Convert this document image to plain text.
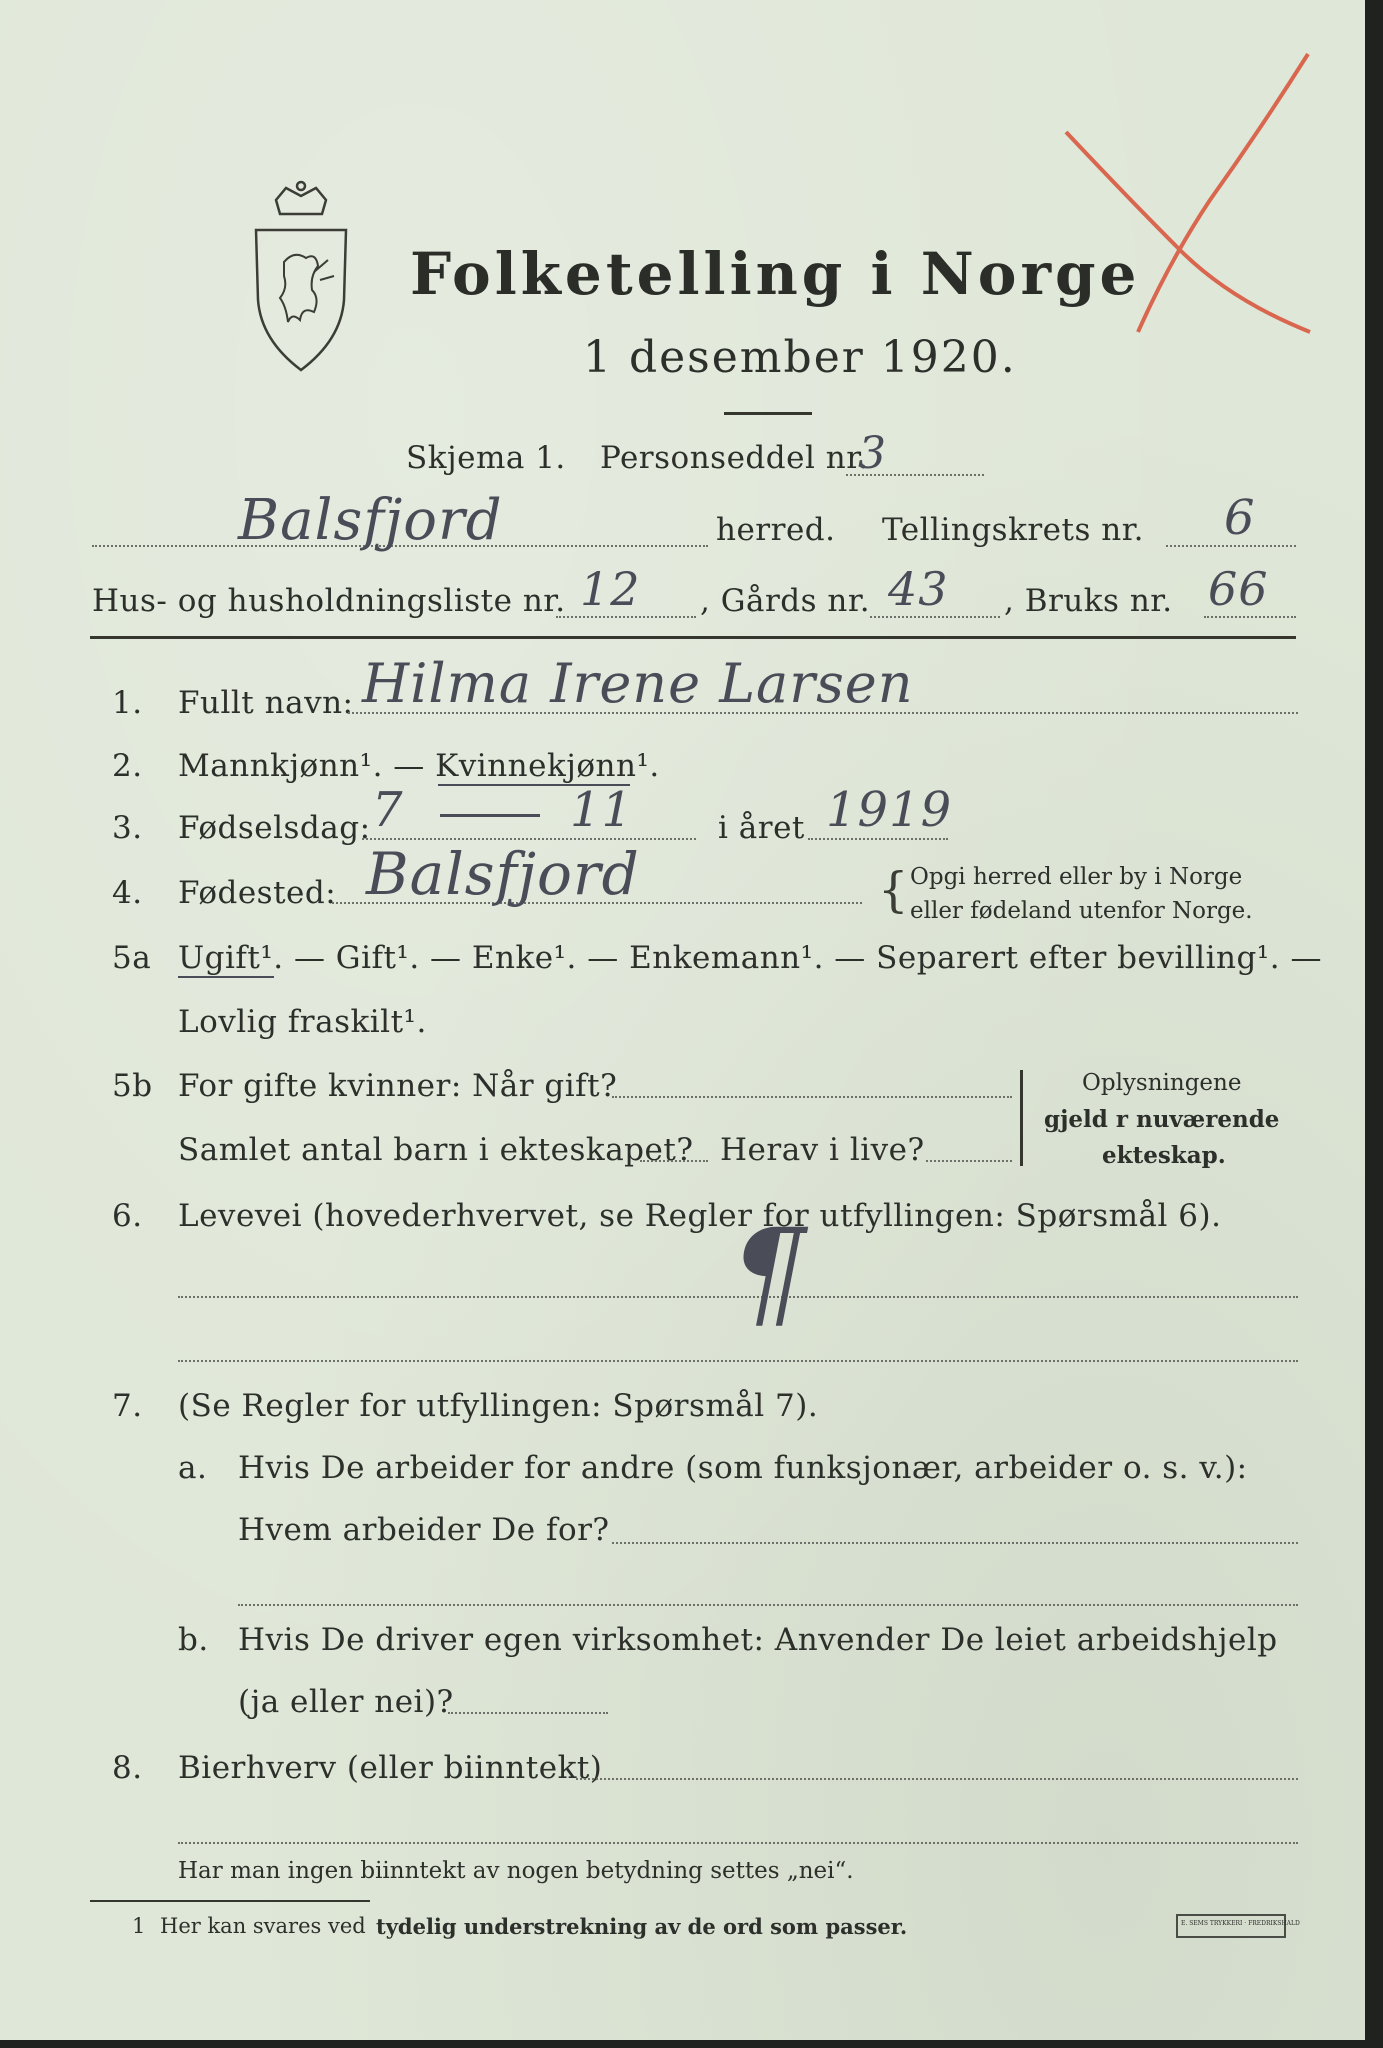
Folketelling i Norge
1 desember 1920.
Skjema 1. Personseddel nr.
3
Balsfjord	herred. Tellingskrets nr. 6
Hus- og husholdningsliste nr. 12 , Gårds nr. 43 , Bruks nr. 66
1. Fullt navn: Hilma Irene Larsen
2. Mannkjønn¹. — Kvinnekjønn¹.
3. Fødselsdag: 7	11	i året 1919
4. Fødested: Balsfjord	{ Opgi herred eller by i Norge
eller fødeland utenfor Norge.
5a Ugift¹. — Gift¹. — Enke¹. — Enkemann¹. — Separert efter bevilling¹. —
Lovlig fraskilt¹.
5b For gifte kvinner: Når gift?
Samlet antal barn i ekteskapet? Herav i live?
Oplysningene
gjeld r nuværende
ekteskap.
6. Levevei (hovederhvervet, se Regler for utfyllingen: Spørsmål 6).
¶
7. (Se Regler for utfyllingen: Spørsmål 7).
a. Hvis De arbeider for andre (som funksjonær, arbeider o. s. v.):
Hvem arbeider De for?
b. Hvis De driver egen virksomhet: Anvender De leiet arbeidshjelp
(ja eller nei)?
8. Bierhverv (eller biinntekt)
Har man ingen biinntekt av nogen betydning settes „nei“.
1 Her kan svares ved tydelig understrekning av de ord som passer.	E. SEMS TRYKKERI · FREDRIKSHALD
